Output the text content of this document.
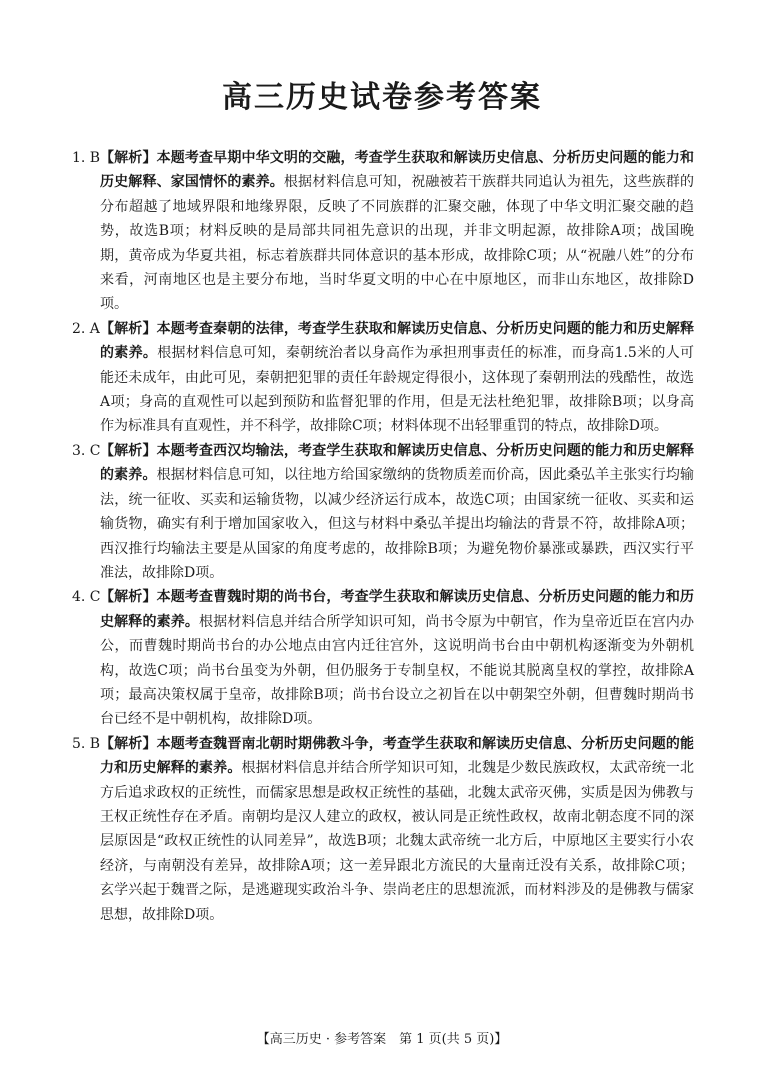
高三历史试卷参考答案
1. B 【解析】本题考查早期中华文明的交融，考查学生获取和解读历史信息、分析历史问题的能力和历史解释、家国情怀的素养。根据材料信息可知，祝融被若干族群共同追认为祖先，这些族群的分布超越了地域界限和地缘界限，反映了不同族群的汇聚交融，体现了中华文明汇聚交融的趋势，故选B项；材料反映的是局部共同祖先意识的出现，并非文明起源，故排除A项；战国晚期，黄帝成为华夏共祖，标志着族群共同体意识的基本形成，故排除C项；从“祝融八姓”的分布来看，河南地区也是主要分布地，当时华夏文明的中心在中原地区，而非山东地区，故排除D项。
2. A 【解析】本题考查秦朝的法律，考查学生获取和解读历史信息、分析历史问题的能力和历史解释的素养。根据材料信息可知，秦朝统治者以身高作为承担刑事责任的标准，而身高1.5米的人可能还未成年，由此可见，秦朝把犯罪的责任年龄规定得很小，这体现了秦朝刑法的残酷性，故选A项；身高的直观性可以起到预防和监督犯罪的作用，但是无法杜绝犯罪，故排除B项；以身高作为标准具有直观性，并不科学，故排除C项；材料体现不出轻罪重罚的特点，故排除D项。
3. C 【解析】本题考查西汉均输法，考查学生获取和解读历史信息、分析历史问题的能力和历史解释的素养。根据材料信息可知，以往地方给国家缴纳的货物质差而价高，因此桑弘羊主张实行均输法，统一征收、买卖和运输货物，以减少经济运行成本，故选C项；由国家统一征收、买卖和运输货物，确实有利于增加国家收入，但这与材料中桑弘羊提出均输法的背景不符，故排除A项；西汉推行均输法主要是从国家的角度考虑的，故排除B项；为避免物价暴涨或暴跌，西汉实行平准法，故排除D项。
4. C 【解析】本题考查曹魏时期的尚书台，考查学生获取和解读历史信息、分析历史问题的能力和历史解释的素养。根据材料信息并结合所学知识可知，尚书令原为中朝官，作为皇帝近臣在宫内办公，而曹魏时期尚书台的办公地点由宫内迁往宫外，这说明尚书台由中朝机构逐渐变为外朝机构，故选C项；尚书台虽变为外朝，但仍服务于专制皇权，不能说其脱离皇权的掌控，故排除A项；最高决策权属于皇帝，故排除B项；尚书台设立之初旨在以中朝架空外朝，但曹魏时期尚书台已经不是中朝机构，故排除D项。
5. B 【解析】本题考查魏晋南北朝时期佛教斗争，考查学生获取和解读历史信息、分析历史问题的能力和历史解释的素养。根据材料信息并结合所学知识可知，北魏是少数民族政权，太武帝统一北方后追求政权的正统性，而儒家思想是政权正统性的基础，北魏太武帝灭佛，实质是因为佛教与王权正统性存在矛盾。南朝均是汉人建立的政权，被认同是正统性政权，故南北朝态度不同的深层原因是“政权正统性的认同差异”，故选B项；北魏太武帝统一北方后，中原地区主要实行小农经济，与南朝没有差异，故排除A项；这一差异跟北方流民的大量南迁没有关系，故排除C项；玄学兴起于魏晋之际，是逃避现实政治斗争、崇尚老庄的思想流派，而材料涉及的是佛教与儒家思想，故排除D项。
【高三历史 · 参考答案　第 1 页(共 5 页)】
